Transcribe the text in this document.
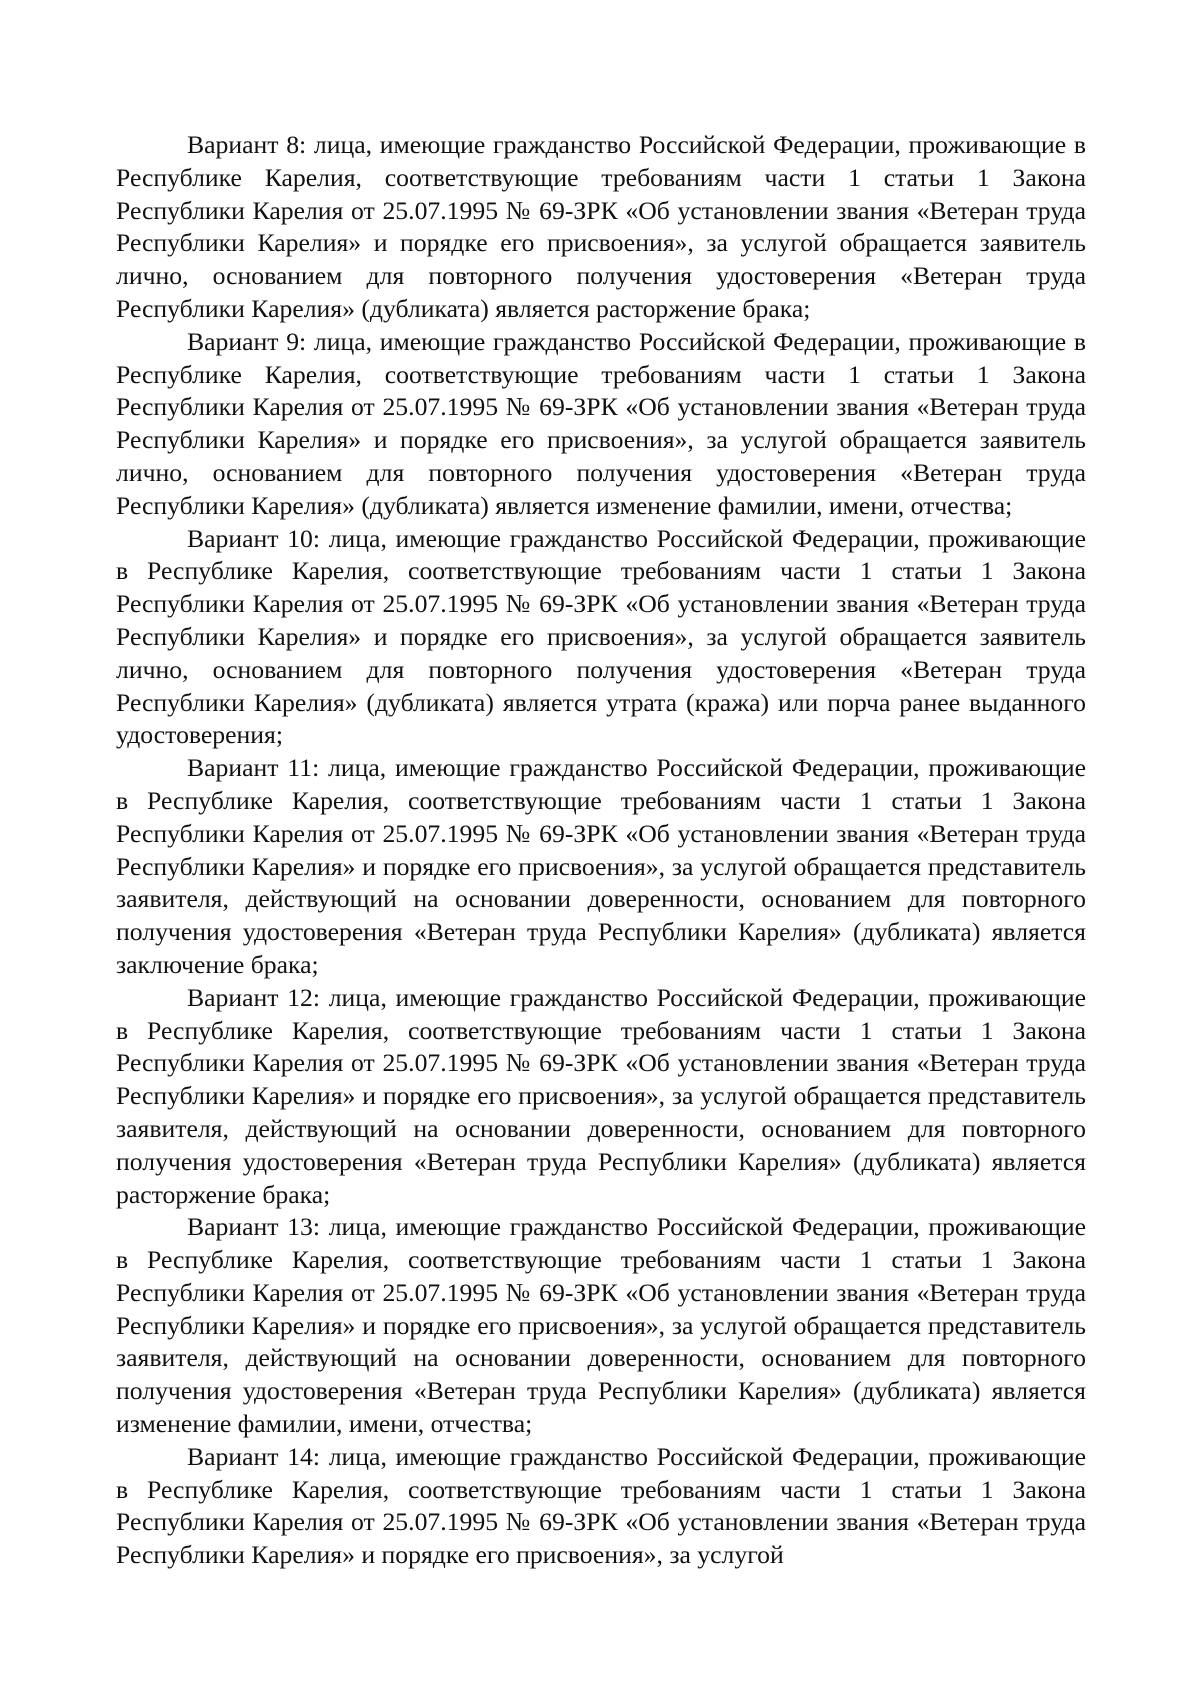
Вариант 8: лица, имеющие гражданство Российской Федерации, проживающие в Республике Карелия, соответствующие требованиям части 1 статьи 1 Закона Республики Карелия от 25.07.1995 № 69-ЗРК «Об установлении звания «Ветеран труда Республики Карелия» и порядке его присвоения», за услугой обращается заявитель лично, основанием для повторного получения удостоверения «Ветеран труда Республики Карелия» (дубликата) является расторжение брака;

Вариант 9: лица, имеющие гражданство Российской Федерации, проживающие в Республике Карелия, соответствующие требованиям части 1 статьи 1 Закона Республики Карелия от 25.07.1995 № 69-ЗРК «Об установлении звания «Ветеран труда Республики Карелия» и порядке его присвоения», за услугой обращается заявитель лично, основанием для повторного получения удостоверения «Ветеран труда Республики Карелия» (дубликата) является изменение фамилии, имени, отчества;

Вариант 10: лица, имеющие гражданство Российской Федерации, проживающие в Республике Карелия, соответствующие требованиям части 1 статьи 1 Закона Республики Карелия от 25.07.1995 № 69-ЗРК «Об установлении звания «Ветеран труда Республики Карелия» и порядке его присвоения», за услугой обращается заявитель лично, основанием для повторного получения удостоверения «Ветеран труда Республики Карелия» (дубликата) является утрата (кража) или порча ранее выданного удостоверения;

Вариант 11: лица, имеющие гражданство Российской Федерации, проживающие в Республике Карелия, соответствующие требованиям части 1 статьи 1 Закона Республики Карелия от 25.07.1995 № 69-ЗРК «Об установлении звания «Ветеран труда Республики Карелия» и порядке его присвоения», за услугой обращается представитель заявителя, действующий на основании доверенности, основанием для повторного получения удостоверения «Ветеран труда Республики Карелия» (дубликата) является заключение брака;

Вариант 12: лица, имеющие гражданство Российской Федерации, проживающие в Республике Карелия, соответствующие требованиям части 1 статьи 1 Закона Республики Карелия от 25.07.1995 № 69-ЗРК «Об установлении звания «Ветеран труда Республики Карелия» и порядке его присвоения», за услугой обращается представитель заявителя, действующий на основании доверенности, основанием для повторного получения удостоверения «Ветеран труда Республики Карелия» (дубликата) является расторжение брака;

Вариант 13: лица, имеющие гражданство Российской Федерации, проживающие в Республике Карелия, соответствующие требованиям части 1 статьи 1 Закона Республики Карелия от 25.07.1995 № 69-ЗРК «Об установлении звания «Ветеран труда Республики Карелия» и порядке его присвоения», за услугой обращается представитель заявителя, действующий на основании доверенности, основанием для повторного получения удостоверения «Ветеран труда Республики Карелия» (дубликата) является изменение фамилии, имени, отчества;

Вариант 14: лица, имеющие гражданство Российской Федерации, проживающие в Республике Карелия, соответствующие требованиям части 1 статьи 1 Закона Республики Карелия от 25.07.1995 № 69-ЗРК «Об установлении звания «Ветеран труда Республики Карелия» и порядке его присвоения», за услугой
